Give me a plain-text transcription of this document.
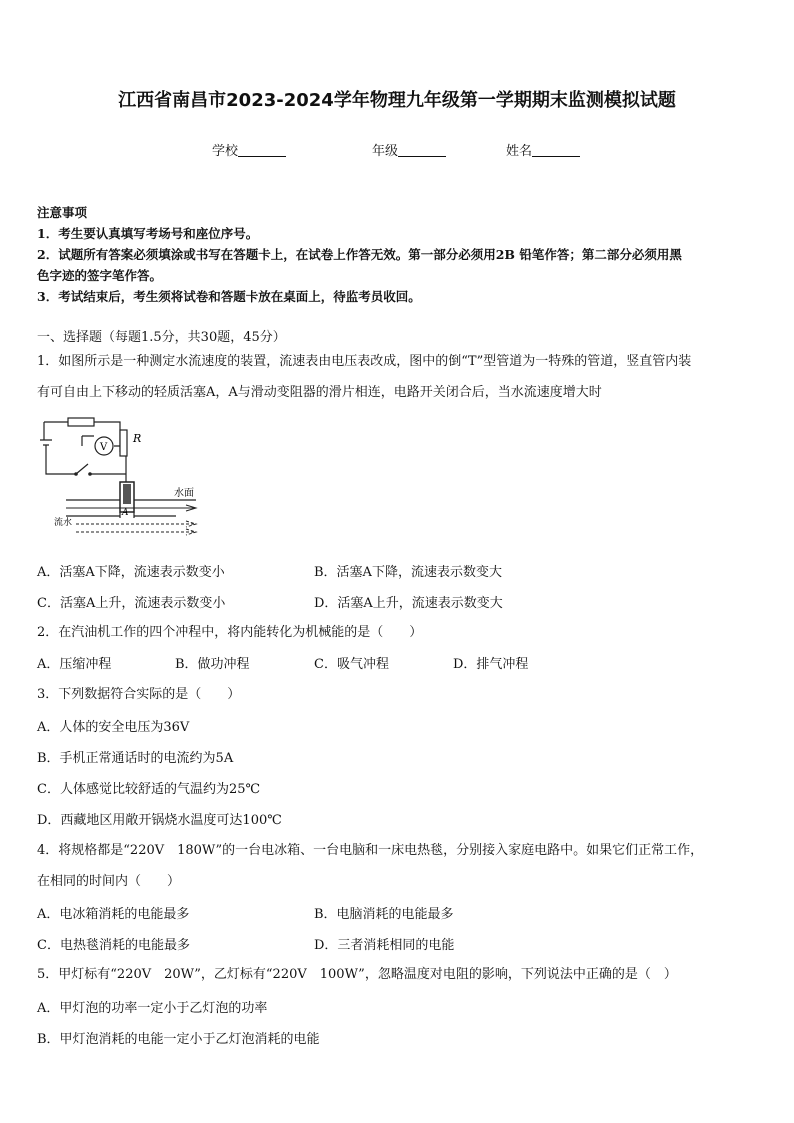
江西省南昌市2023-2024学年物理九年级第一学期期末监测模拟试题
学校	年级	姓名
注意事项
1．考生要认真填写考场号和座位序号。
2．试题所有答案必须填涂或书写在答题卡上，在试卷上作答无效。第一部分必须用2B 铅笔作答；第二部分必须用黑
色字迹的签字笔作答。
3．考试结束后，考生须将试卷和答题卡放在桌面上，待监考员收回。
一、选择题（每题1.5分，共30题，45分）
1．如图所示是一种测定水流速度的装置，流速表由电压表改成，图中的倒“T”型管道为一特殊的管道，竖直管内装
有可自由上下移动的轻质活塞A，A与滑动变阻器的滑片相连，电路开关闭合后，当水流速度增大时
V
R
水面
A
流水
A．活塞A下降，流速表示数变小	B．活塞A下降，流速表示数变大
C．活塞A上升，流速表示数变小	D．活塞A上升，流速表示数变大
2．在汽油机工作的四个冲程中，将内能转化为机械能的是（　　）
A．压缩冲程	B．做功冲程	C．吸气冲程	D．排气冲程
3．下列数据符合实际的是（　　）
A．人体的安全电压为36V
B．手机正常通话时的电流约为5A
C．人体感觉比较舒适的气温约为25℃
D．西藏地区用敞开锅烧水温度可达100℃
4．将规格都是“220V　180W”的一台电冰箱、一台电脑和一床电热毯，分别接入家庭电路中。如果它们正常工作，
在相同的时间内（　　）
A．电冰箱消耗的电能最多	B．电脑消耗的电能最多
C．电热毯消耗的电能最多	D．三者消耗相同的电能
5．甲灯标有“220V　20W”，乙灯标有“220V　100W”，忽略温度对电阻的影响，下列说法中正确的是（　）
A．甲灯泡的功率一定小于乙灯泡的功率
B．甲灯泡消耗的电能一定小于乙灯泡消耗的电能
